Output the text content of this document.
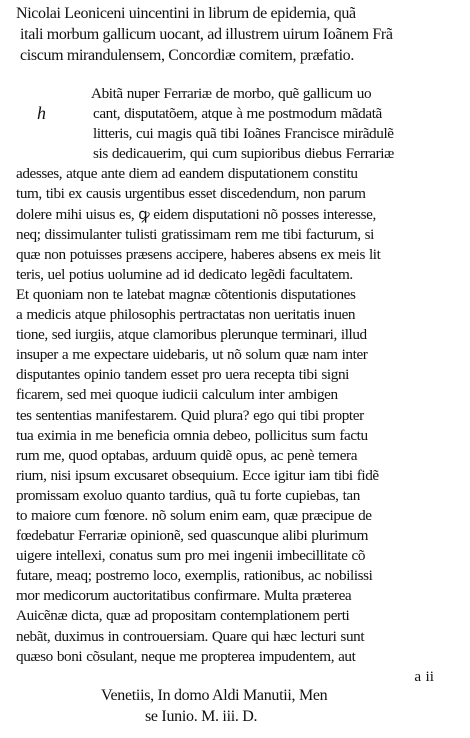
Nicolai Leoniceni uincentini in librum de epidemia, quã
itali morbum gallicum uocant, ad illustrem uirum Ioãnem Frã
ciscum mirandulensem, Concordiæ comitem, præfatio.
h
Abitã nuper Ferrariæ de morbo, quẽ gallicum uo
cant, disputatõem, atque à me postmodum mãdatã
litteris, cui magis quã tibi Ioãnes Francisce mirãdulẽ
sis dedicauerim, qui cum supioribus diebus Ferrariæ
adesses, atque ante diem ad eandem disputationem constitu
tum, tibi ex causis urgentibus esset discedendum, non parum
dolere mihi uisus es, ꝙ eidem disputationi nõ posses interesse,
neq; dissimulanter tulisti gratissimam rem me tibi facturum, si
quæ non potuisses præsens accipere, haberes absens ex meis lit
teris, uel potius uolumine ad id dedicato legẽdi facultatem.
Et quoniam non te latebat magnæ cõtentionis disputationes
a medicis atque philosophis pertractatas non ueritatis inuen
tione, sed iurgiis, atque clamoribus plerunque terminari, illud
insuper a me expectare uidebaris, ut nõ solum quæ nam inter
disputantes opinio tandem esset pro uera recepta tibi signi
ficarem, sed mei quoque iudicii calculum inter ambigen
tes sententias manifestarem. Quid plura? ego qui tibi propter
tua eximia in me beneficia omnia debeo, pollicitus sum factu
rum me, quod optabas, arduum quidẽ opus, ac penè temera
rium, nisi ipsum excusaret obsequium. Ecce igitur iam tibi fidẽ
promissam exoluo quanto tardius, quã tu forte cupiebas, tan
to maiore cum fœnore. nõ solum enim eam, quæ præcipue de
fœdebatur Ferrariæ opinionẽ, sed quascunque alibi plurimum
uigere intellexi, conatus sum pro mei ingenii imbecillitate cõ
futare, meaq; postremo loco, exemplis, rationibus, ac nobilissi
mor medicorum auctoritatibus confirmare. Multa præterea
Auicẽnæ dicta, quæ ad propositam contemplationem perti
nebãt, duximus in controuersiam. Quare qui hæc lecturi sunt
quæso boni cõsulant, neque me propterea impudentem, aut
a ii
Venetiis, In domo Aldi Manutii, Men
se Iunio. M. iii. D.
